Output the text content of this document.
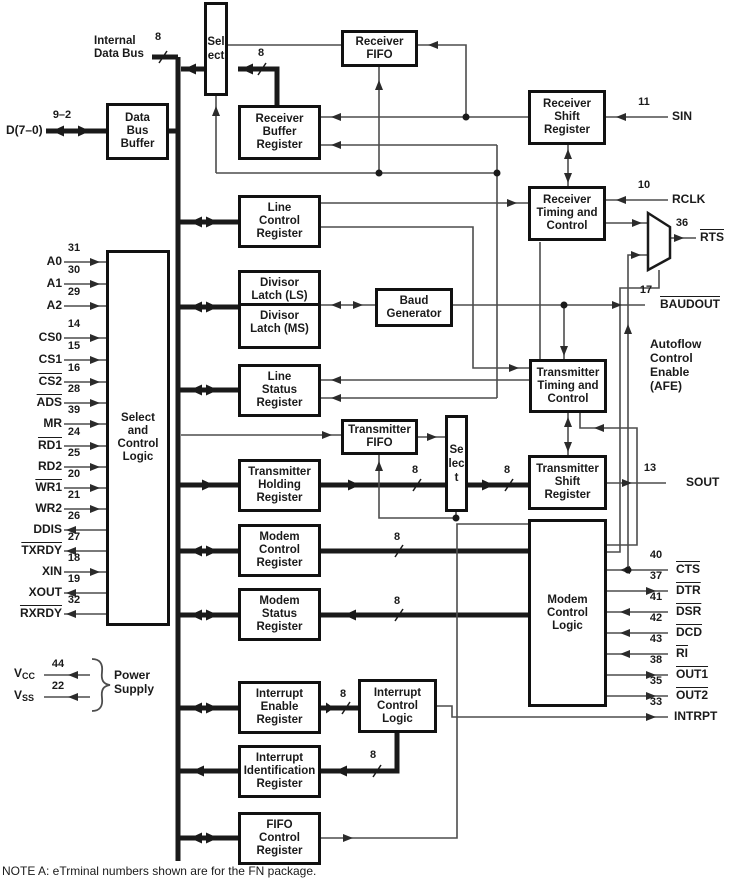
Select
Receiver
FIFO
Data
Bus
Buffer
Receiver
Buffer
Register
Receiver
Shift
Register
Line
Control
Register
Receiver
Timing and
Control
Divisor
Latch (LS)
Divisor
Latch (MS)
Baud
Generator
Line
Status
Register
Transmitter
FIFO
Transmitter
Holding
Register
Select
Transmitter
Timing and
Control
Transmitter
Shift
Register
Modem
Control
Register
Modem
Status
Register
Modem
Control
Logic
Select
and
Control
Logic
Interrupt
Enable
Register
Interrupt
Control
Logic
Interrupt
Identification
Register
FIFO
Control
Register
Internal
Data Bus
8
D(7–0)
9–2
8
8	8
8
8
8
8
A0
31
A1
30
A2
29
CS0
14
CS1
15
CS2
16
$\overline{ADS}$
28
MR
39
RD1
24
RD2
25
WR1
20
WR2
21
DDIS
26
TXRDY
27
XIN
18
XOUT
19
RXRDY
32
SIN
11
RCLK
10
$\overline{RTS}$
36
BAUDOUT
17
SOUT
13
$\overline{CTS}$
40
$\overline{DTR}$
37
$\overline{DSR}$
41
$\overline{DCD}$
42
$\overline{RI}$
43
OUT1
38
OUT2
35
INTRPT
33
Autoflow
Control
Enable
(AFE)
$V_{CC}$
44
$V_{SS}$
22
Power
Supply
NOTE A: eTrminal numbers shown are for the FN package.
